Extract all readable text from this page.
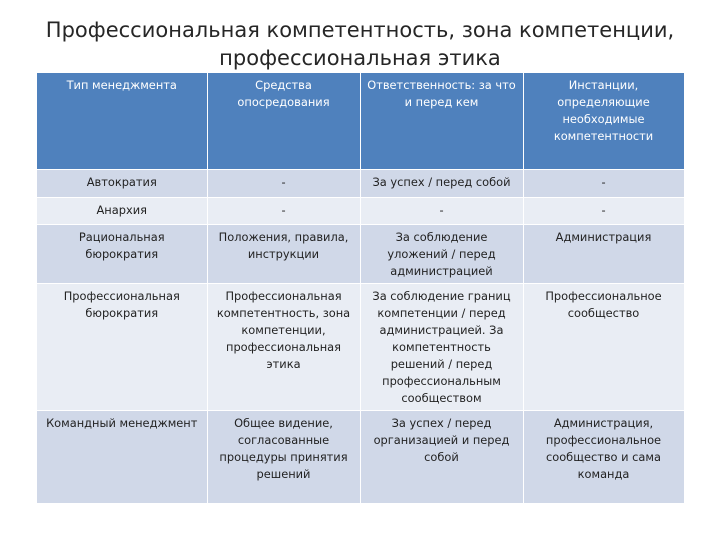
Профессиональная компетентность, зона компетенции,
профессиональная этика
Тип менеджмента	Средства опосредования	Ответственность: за что и перед кем	Инстанции, определяющие необходимые компетентности
Автократия	-	За успех / перед собой	-
Анархия	-	-	-
Рациональная бюрократия	Положения, правила, инструкции	За соблюдение уложений / перед администрацией	Администрация
Профессиональная бюрократия	Профессиональная компетентность, зона компетенции, профессиональная этика	За соблюдение границ компетенции / перед администрацией. За компетентность решений / перед профессиональным сообществом	Профессиональное сообщество
Командный менеджмент	Общее видение, согласованные процедуры принятия решений	За успех / перед организацией и перед собой	Администрация, профессиональное сообщество и сама команда
